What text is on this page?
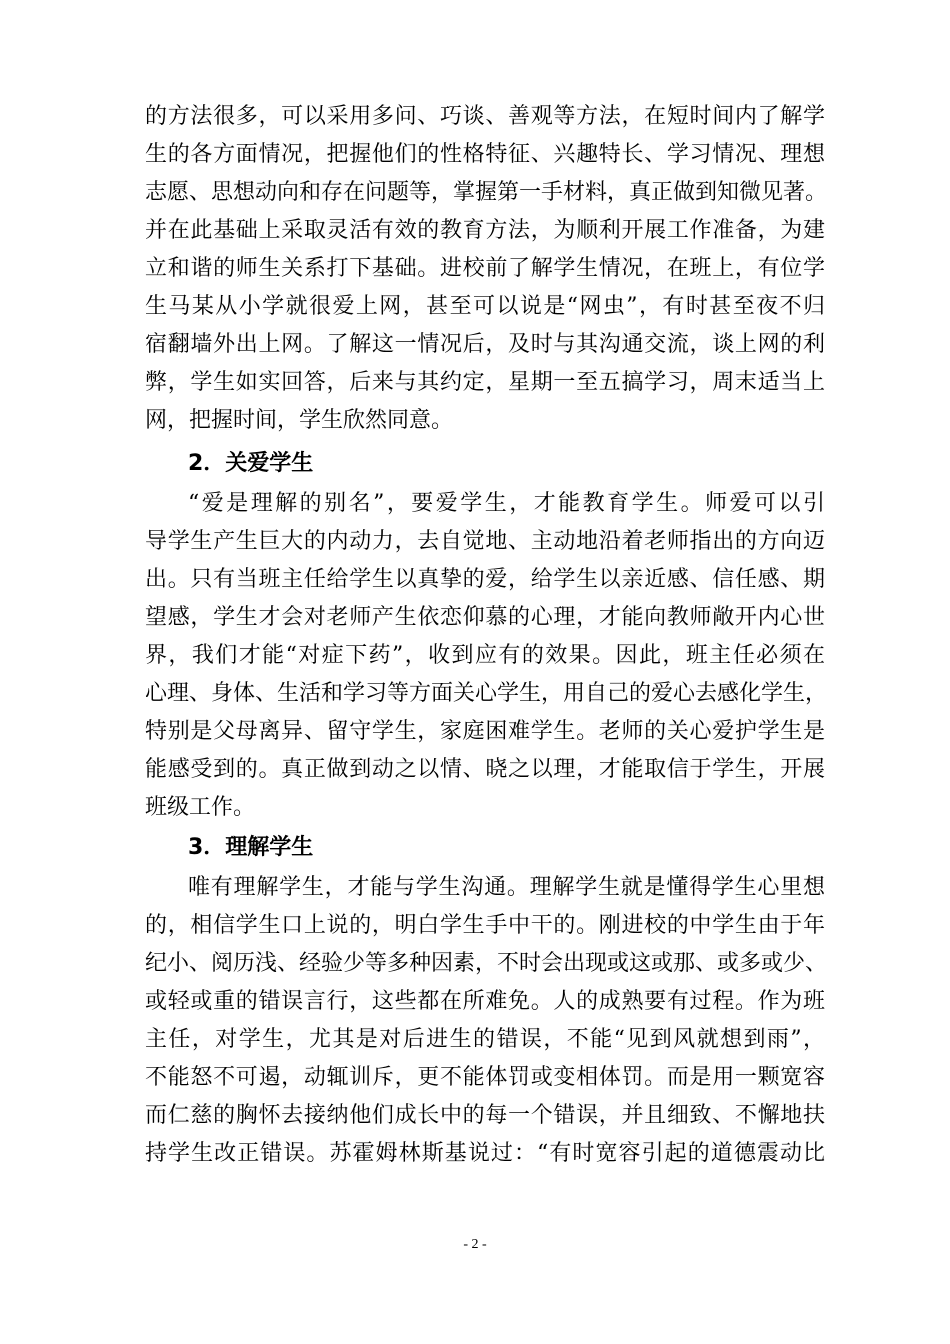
的方法很多，可以采用多问、巧谈、善观等方法，在短时间内了解学
生的各方面情况，把握他们的性格特征、兴趣特长、学习情况、理想
志愿、思想动向和存在问题等，掌握第一手材料，真正做到知微见著。
并在此基础上采取灵活有效的教育方法，为顺利开展工作准备，为建
立和谐的师生关系打下基础。进校前了解学生情况，在班上，有位学
生马某从小学就很爱上网，甚至可以说是“网虫”，有时甚至夜不归
宿翻墙外出上网。了解这一情况后，及时与其沟通交流，谈上网的利
弊，学生如实回答，后来与其约定，星期一至五搞学习，周末适当上
网，把握时间，学生欣然同意。
2．关爱学生
“爱是理解的别名”，要爱学生，才能教育学生。师爱可以引
导学生产生巨大的内动力，去自觉地、主动地沿着老师指出的方向迈
出。只有当班主任给学生以真挚的爱，给学生以亲近感、信任感、期
望感，学生才会对老师产生依恋仰慕的心理，才能向教师敞开内心世
界，我们才能“对症下药”，收到应有的效果。因此，班主任必须在
心理、身体、生活和学习等方面关心学生，用自己的爱心去感化学生，
特别是父母离异、留守学生，家庭困难学生。老师的关心爱护学生是
能感受到的。真正做到动之以情、晓之以理，才能取信于学生，开展
班级工作。
3．理解学生
唯有理解学生，才能与学生沟通。理解学生就是懂得学生心里想
的，相信学生口上说的，明白学生手中干的。刚进校的中学生由于年
纪小、阅历浅、经验少等多种因素，不时会出现或这或那、或多或少、
或轻或重的错误言行，这些都在所难免。人的成熟要有过程。作为班
主任，对学生，尤其是对后进生的错误，不能“见到风就想到雨”，
不能怒不可遏，动辄训斥，更不能体罚或变相体罚。而是用一颗宽容
而仁慈的胸怀去接纳他们成长中的每一个错误，并且细致、不懈地扶
持学生改正错误。苏霍姆林斯基说过：“有时宽容引起的道德震动比
- 2 -
